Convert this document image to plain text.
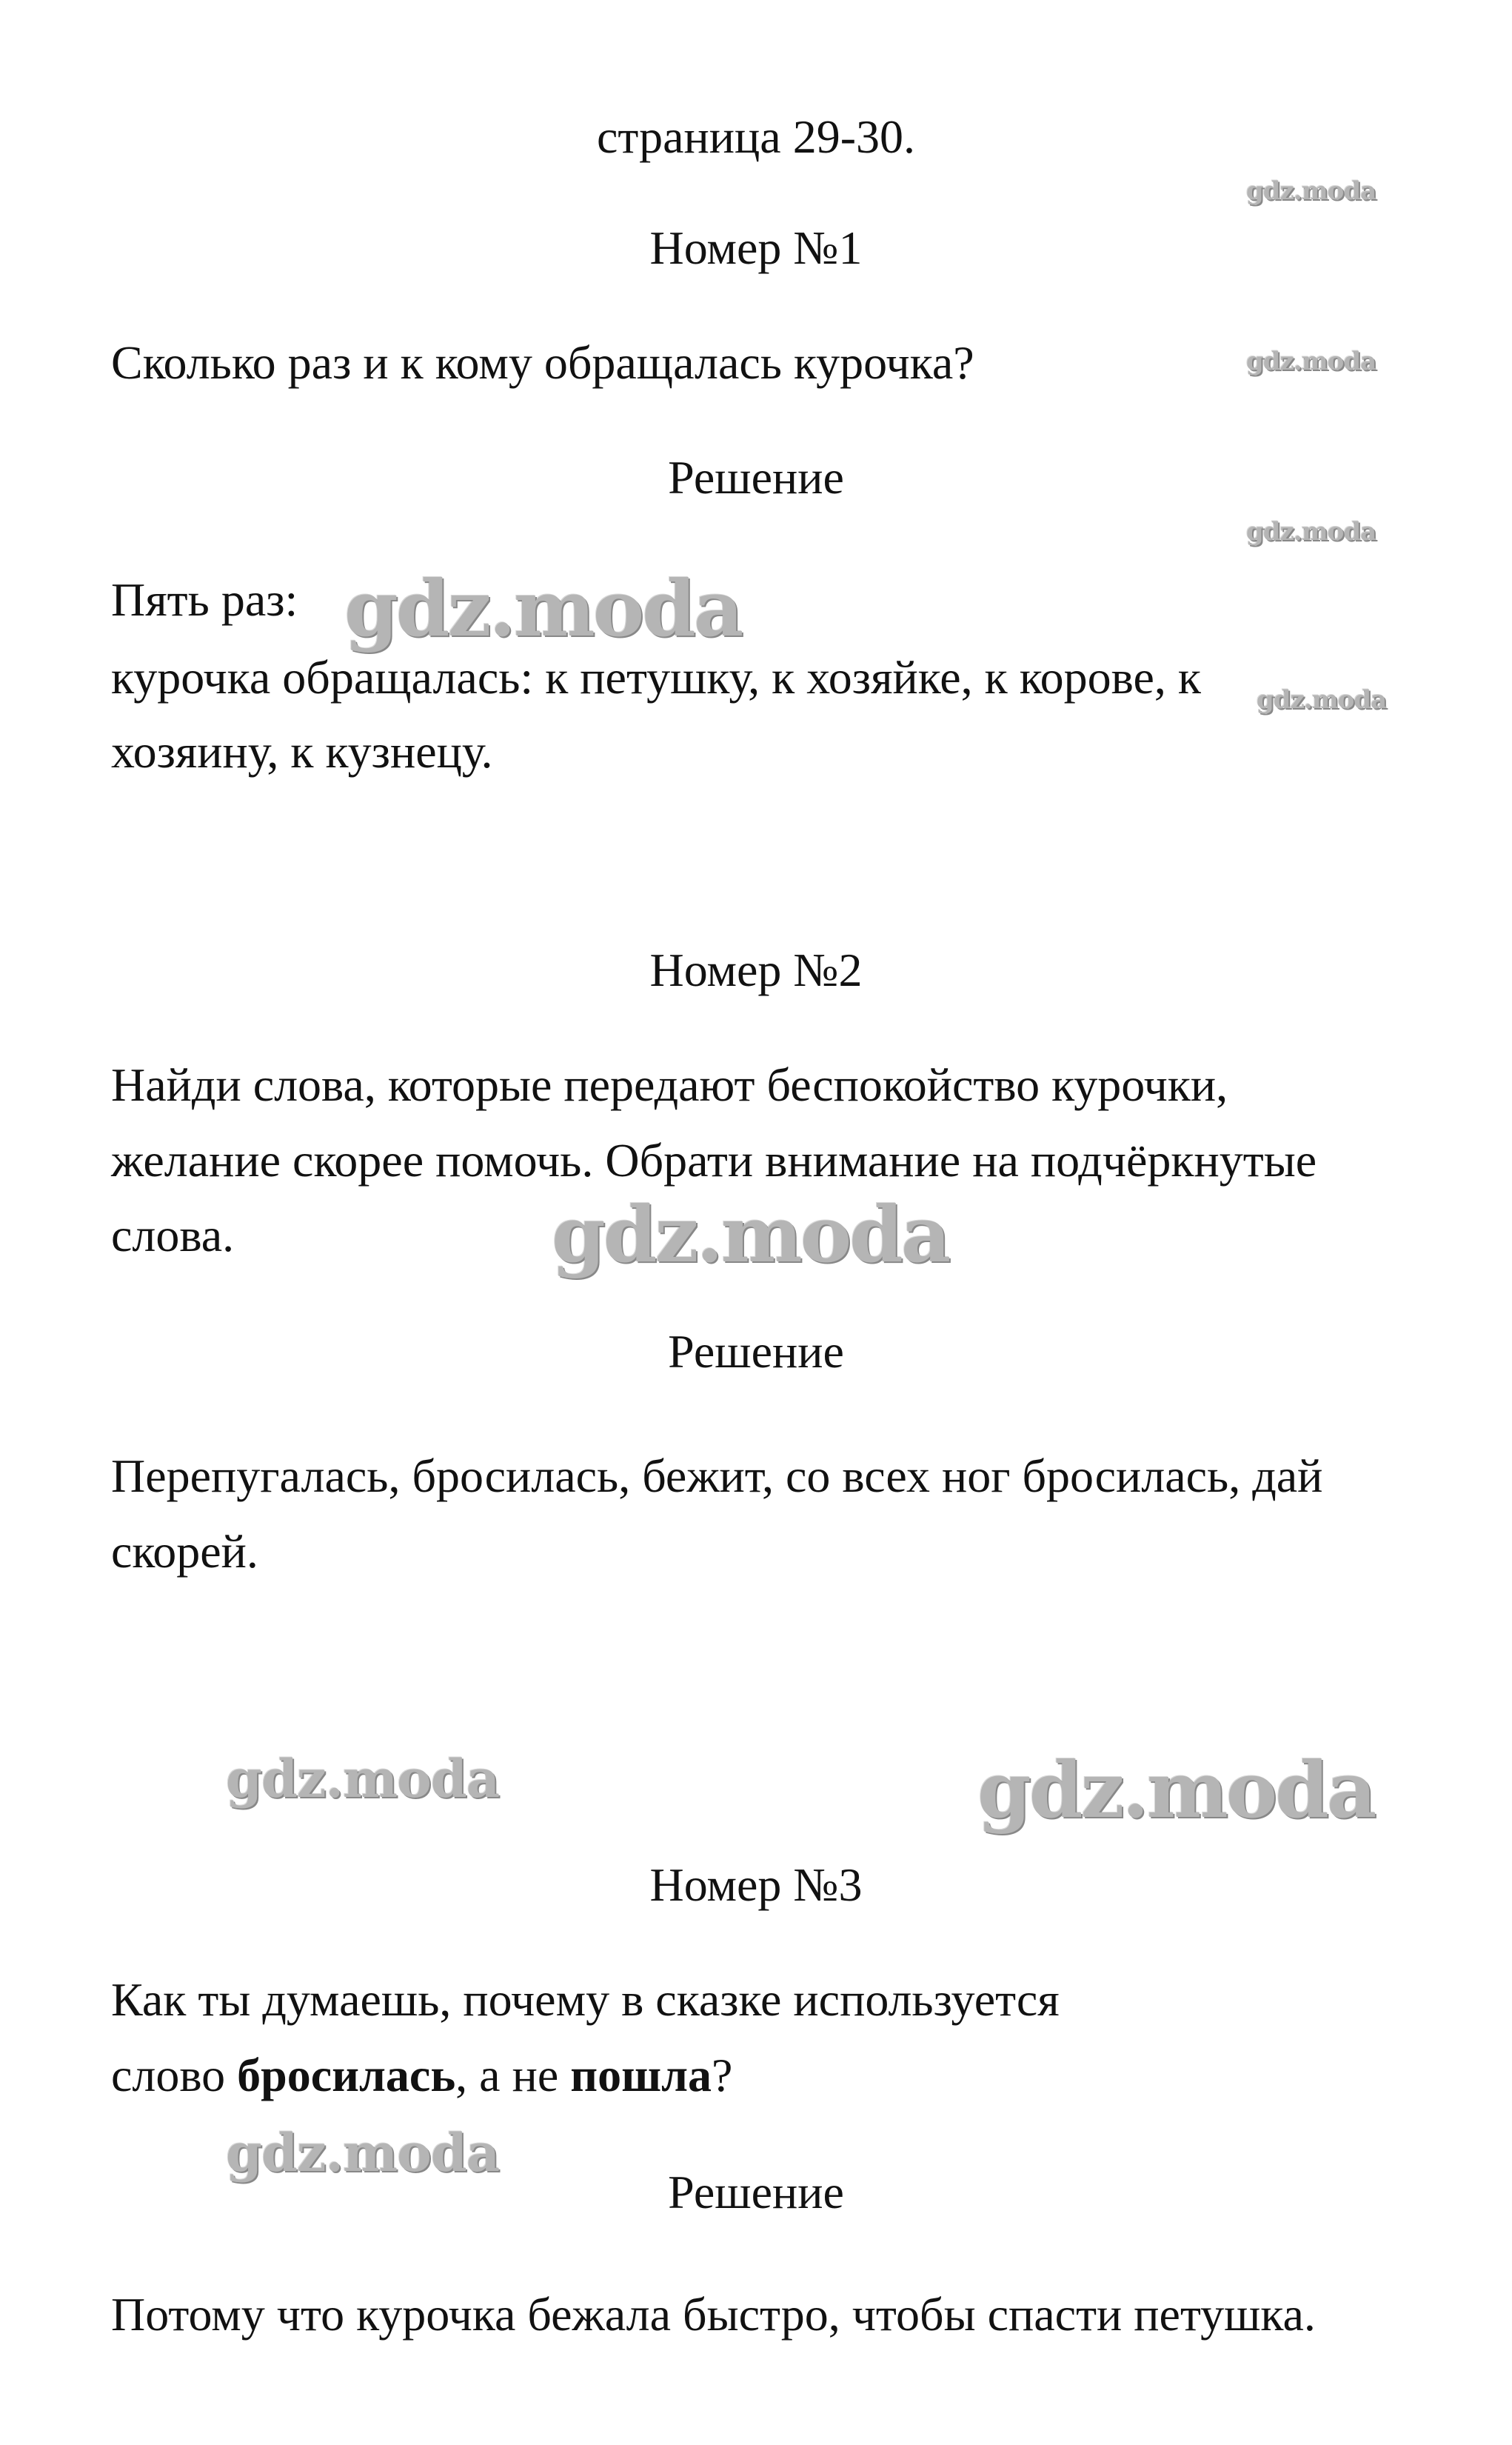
страница 29-30.
Номер №1
Сколько раз и к кому обращалась курочка?
Решение
Пять раз:
курочка обращалась: к петушку, к хозяйке, к корове, к
хозяину, к кузнецу.
Номер №2
Найди слова, которые передают беспокойство курочки,
желание скорее помочь. Обрати внимание на подчёркнутые
слова.
Решение
Перепугалась, бросилась, бежит, со всех ног бросилась, дай
скорей.
Номер №3
Как ты думаешь, почему в сказке используется
слово бросилась, а не пошла?
Решение
Потому что курочка бежала быстро, чтобы спасти петушка.
gdz.moda
gdz.moda
gdz.moda
gdz.moda
gdz.moda
gdz.moda
gdz.moda	gdz.moda
gdz.moda
